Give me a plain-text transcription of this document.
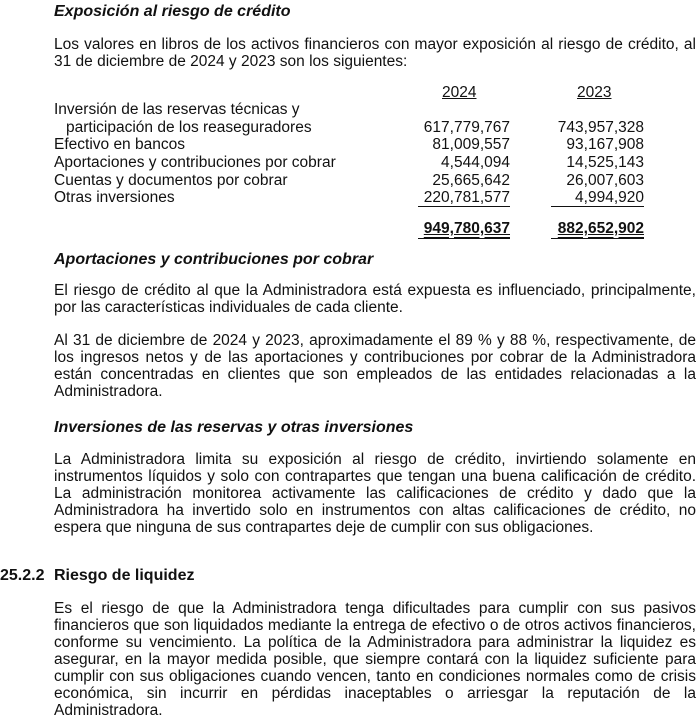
Exposición al riesgo de crédito
Los valores en libros de los activos financieros con mayor exposición al riesgo de crédito, al 31 de diciembre de 2024 y 2023 son los siguientes:
2024	2023
Inversión de las reservas técnicas y
participación de los reaseguradores	617,779,767	743,957,328
Efectivo en bancos	81,009,557	93,167,908
Aportaciones y contribuciones por cobrar	4,544,094	14,525,143
Cuentas y documentos por cobrar	25,665,642	26,007,603
Otras inversiones	220,781,577	4,994,920
949,780,637	882,652,902
Aportaciones y contribuciones por cobrar
El riesgo de crédito al que la Administradora está expuesta es influenciado, principalmente, por las características individuales de cada cliente.
Al 31 de diciembre de 2024 y 2023, aproximadamente el 89 % y 88 %, respectivamente, de los ingresos netos y de las aportaciones y contribuciones por cobrar de la Administradora están concentradas en clientes que son empleados de las entidades relacionadas a la Administradora.
Inversiones de las reservas y otras inversiones
La Administradora limita su exposición al riesgo de crédito, invirtiendo solamente en instrumentos líquidos y solo con contrapartes que tengan una buena calificación de crédito. La administración monitorea activamente las calificaciones de crédito y dado que la Administradora ha invertido solo en instrumentos con altas calificaciones de crédito, no espera que ninguna de sus contrapartes deje de cumplir con sus obligaciones.
25.2.2 Riesgo de liquidez
Es el riesgo de que la Administradora tenga dificultades para cumplir con sus pasivos financieros que son liquidados mediante la entrega de efectivo o de otros activos financieros, conforme su vencimiento. La política de la Administradora para administrar la liquidez es asegurar, en la mayor medida posible, que siempre contará con la liquidez suficiente para cumplir con sus obligaciones cuando vencen, tanto en condiciones normales como de crisis económica, sin incurrir en pérdidas inaceptables o arriesgar la reputación de la Administradora.
